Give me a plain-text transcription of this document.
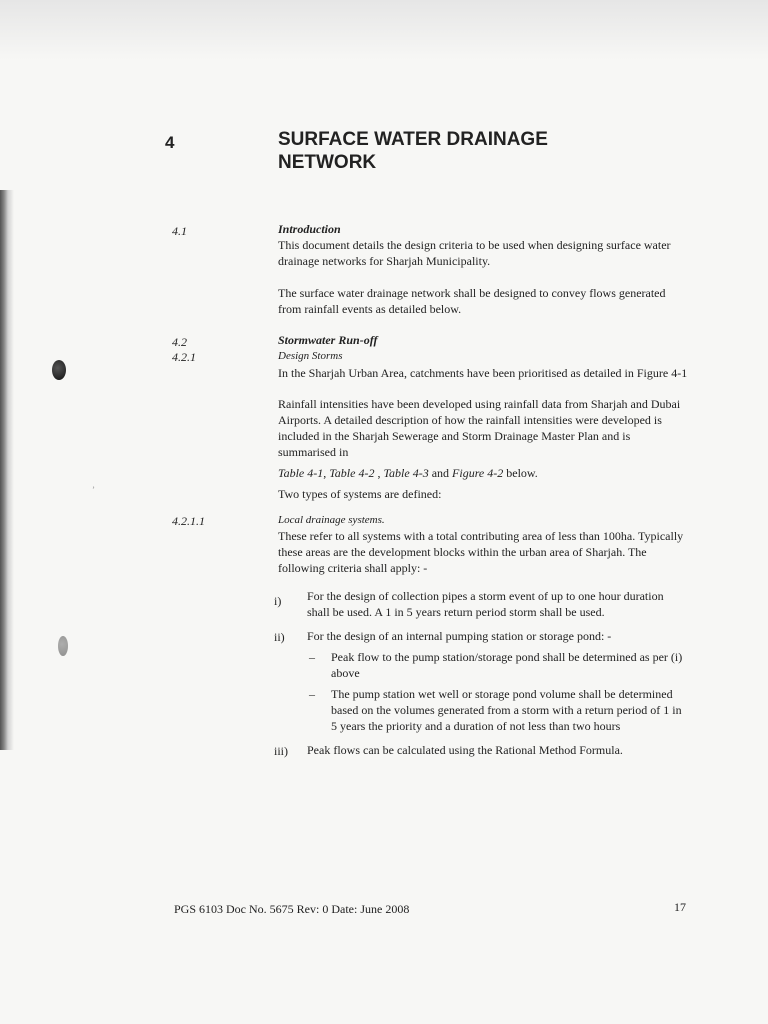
4	SURFACE WATER DRAINAGE NETWORK
4.1	Introduction

This document details the design criteria to be used when designing surface water drainage networks for Sharjah Municipality.

The surface water drainage network shall be designed to convey flows generated from rainfall events as detailed below.

4.2
4.2.1

Stormwater Run-off

Design Storms

In the Sharjah Urban Area, catchments have been prioritised as detailed in Figure 4-1

Rainfall intensities have been developed using rainfall data from Sharjah and Dubai Airports. A detailed description of how the rainfall intensities were developed is included in the Sharjah Sewerage and Storm Drainage Master Plan and is summarised in

Table 4-1, Table 4-2 , Table 4-3 and Figure 4-2 below.

Two types of systems are defined:

’
4.2.1.1	Local drainage systems.

These refer to all systems with a total contributing area of less than 100ha. Typically these areas are the development blocks within the urban area of Sharjah. The following criteria shall apply: -

i) For the design of collection pipes a storm event of up to one hour duration shall be used. A 1 in 5 years return period storm shall be used.
ii) For the design of an internal pumping station or storage pond: -
– Peak flow to the pump station/storage pond shall be determined as per (i) above
– The pump station wet well or storage pond volume shall be determined based on the volumes generated from a storm with a return period of 1 in 5 years the priority and a duration of not less than two hours
iii) Peak flows can be calculated using the Rational Method Formula.
PGS 6103 Doc No. 5675 Rev: 0 Date: June 2008	17
